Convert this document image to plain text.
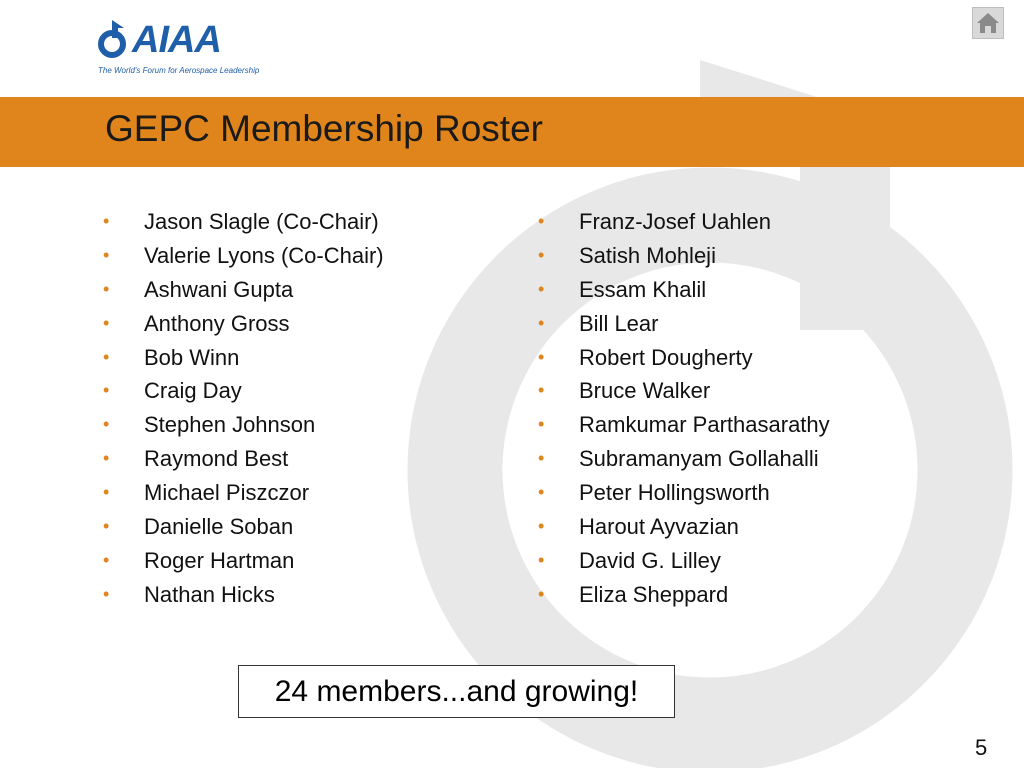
AIAA
The World's Forum for Aerospace Leadership
GEPC Membership Roster
• Jason Slagle (Co-Chair)
• Valerie Lyons (Co-Chair)
• Ashwani Gupta
• Anthony Gross
• Bob Winn
• Craig Day
• Stephen Johnson
• Raymond Best
• Michael Piszczor
• Danielle Soban
• Roger Hartman
• Nathan Hicks
• Franz-Josef Uahlen
• Satish Mohleji
• Essam Khalil
• Bill Lear
• Robert Dougherty
• Bruce Walker
• Ramkumar Parthasarathy
• Subramanyam Gollahalli
• Peter Hollingsworth
• Harout Ayvazian
• David G. Lilley
• Eliza Sheppard
24 members...and growing!
5
